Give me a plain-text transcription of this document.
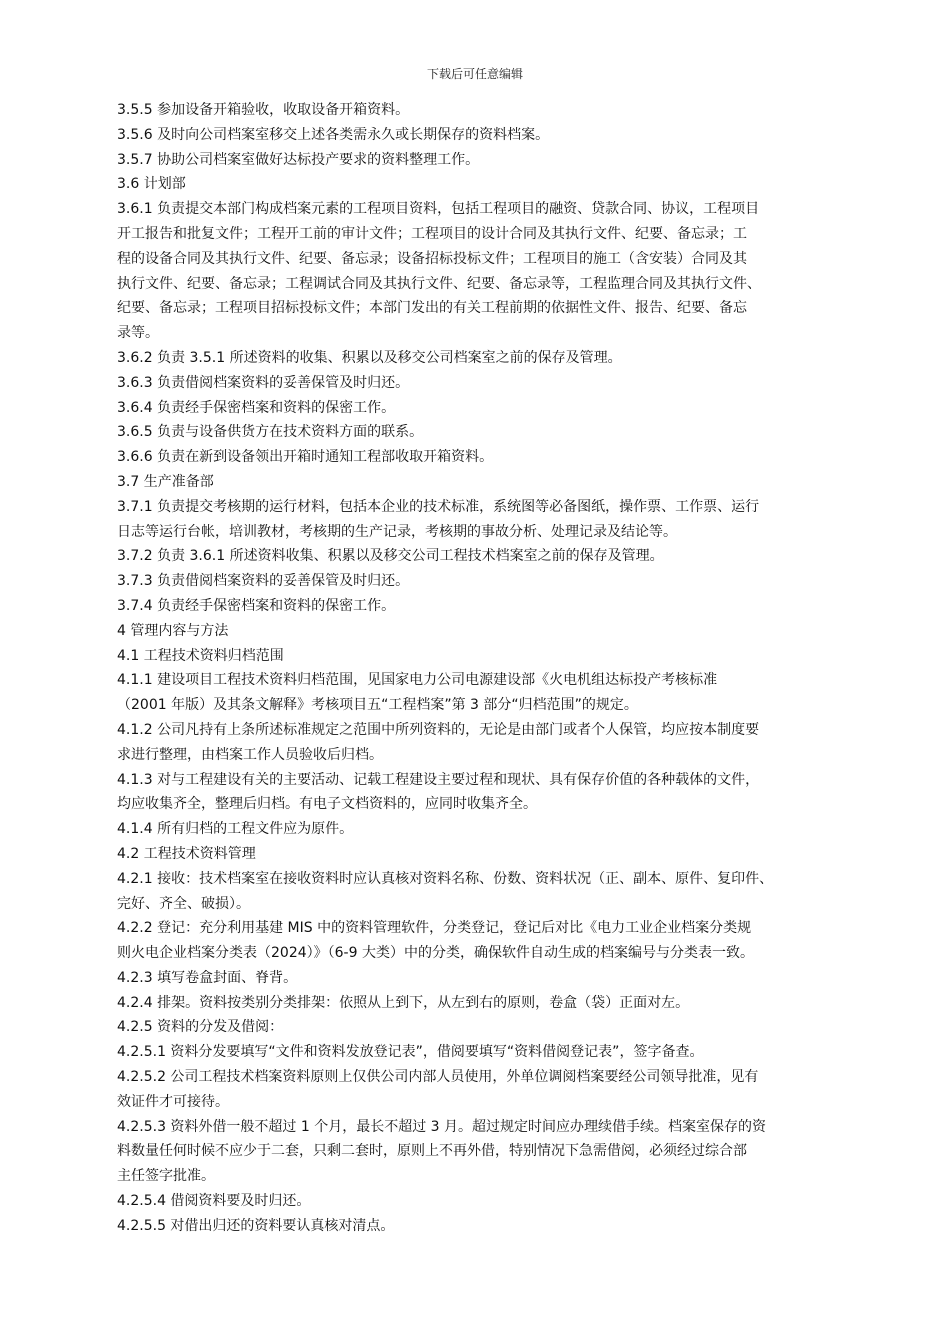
下载后可任意编辑
3.5.5 参加设备开箱验收，收取设备开箱资料。
3.5.6 及时向公司档案室移交上述各类需永久或长期保存的资料档案。
3.5.7 协助公司档案室做好达标投产要求的资料整理工作。
3.6 计划部
3.6.1 负责提交本部门构成档案元素的工程项目资料，包括工程项目的融资、贷款合同、协议，工程项目
开工报告和批复文件；工程开工前的审计文件；工程项目的设计合同及其执行文件、纪要、备忘录；工
程的设备合同及其执行文件、纪要、备忘录；设备招标投标文件；工程项目的施工（含安装）合同及其
执行文件、纪要、备忘录；工程调试合同及其执行文件、纪要、备忘录等，工程监理合同及其执行文件、
纪要、备忘录；工程项目招标投标文件；本部门发出的有关工程前期的依据性文件、报告、纪要、备忘
录等。
3.6.2 负责 3.5.1 所述资料的收集、积累以及移交公司档案室之前的保存及管理。
3.6.3 负责借阅档案资料的妥善保管及时归还。
3.6.4 负责经手保密档案和资料的保密工作。
3.6.5 负责与设备供货方在技术资料方面的联系。
3.6.6 负责在新到设备领出开箱时通知工程部收取开箱资料。
3.7 生产准备部
3.7.1 负责提交考核期的运行材料，包括本企业的技术标准，系统图等必备图纸，操作票、工作票、运行
日志等运行台帐，培训教材，考核期的生产记录，考核期的事故分析、处理记录及结论等。
3.7.2 负责 3.6.1 所述资料收集、积累以及移交公司工程技术档案室之前的保存及管理。
3.7.3 负责借阅档案资料的妥善保管及时归还。
3.7.4 负责经手保密档案和资料的保密工作。
4 管理内容与方法
4.1 工程技术资料归档范围
4.1.1 建设项目工程技术资料归档范围，见国家电力公司电源建设部《火电机组达标投产考核标准
（2001 年版）及其条文解释》考核项目五“工程档案”第 3 部分“归档范围”的规定。
4.1.2 公司凡持有上条所述标准规定之范围中所列资料的，无论是由部门或者个人保管，均应按本制度要
求进行整理，由档案工作人员验收后归档。
4.1.3 对与工程建设有关的主要活动、记载工程建设主要过程和现状、具有保存价值的各种载体的文件，
均应收集齐全，整理后归档。有电子文档资料的，应同时收集齐全。
4.1.4 所有归档的工程文件应为原件。
4.2 工程技术资料管理
4.2.1 接收：技术档案室在接收资料时应认真核对资料名称、份数、资料状况（正、副本、原件、复印件、
完好、齐全、破损）。
4.2.2 登记：充分利用基建 MIS 中的资料管理软件，分类登记，登记后对比《电力工业企业档案分类规
则火电企业档案分类表（2024）》（6-9 大类）中的分类，确保软件自动生成的档案编号与分类表一致。
4.2.3 填写卷盒封面、脊背。
4.2.4 排架。资料按类别分类排架：依照从上到下，从左到右的原则，卷盒（袋）正面对左。
4.2.5 资料的分发及借阅：
4.2.5.1 资料分发要填写“文件和资料发放登记表”，借阅要填写“资料借阅登记表”，签字备查。
4.2.5.2 公司工程技术档案资料原则上仅供公司内部人员使用，外单位调阅档案要经公司领导批准，见有
效证件才可接待。
4.2.5.3 资料外借一般不超过 1 个月，最长不超过 3 月。超过规定时间应办理续借手续。档案室保存的资
料数量任何时候不应少于二套，只剩二套时，原则上不再外借，特别情况下急需借阅，必须经过综合部
主任签字批准。
4.2.5.4 借阅资料要及时归还。
4.2.5.5 对借出归还的资料要认真核对清点。
